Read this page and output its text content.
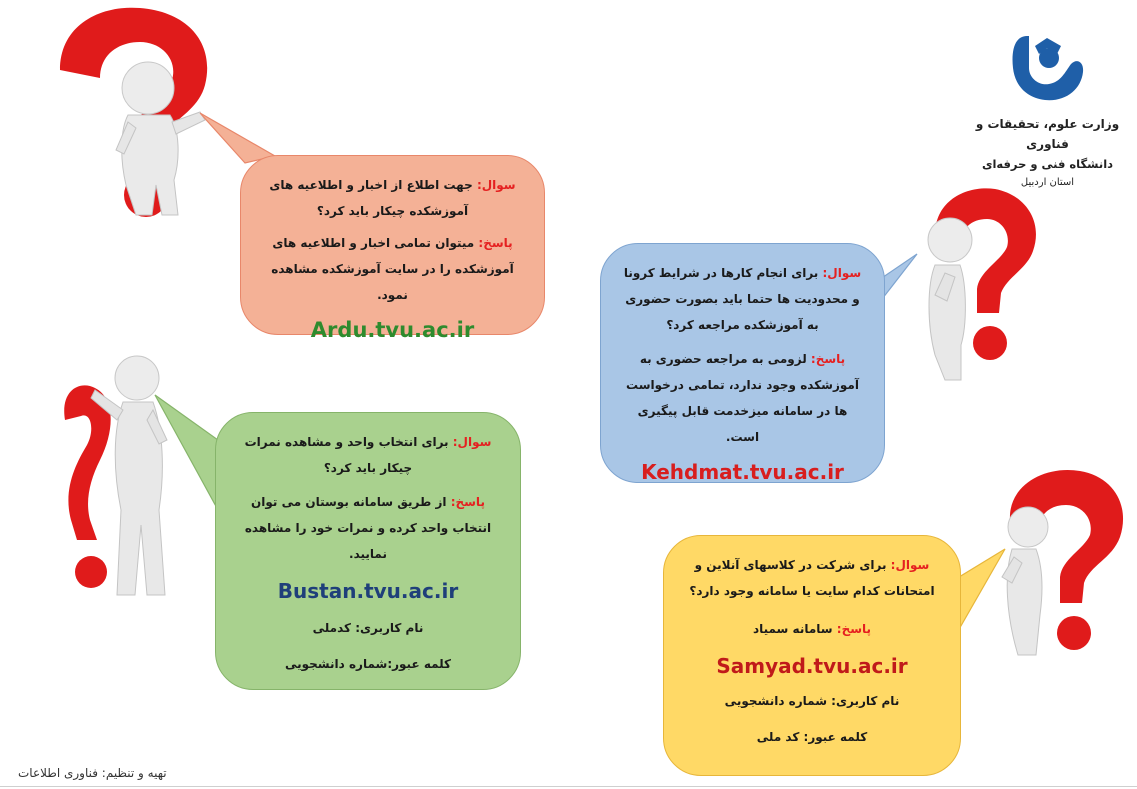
سوال: جهت اطلاع از اخبار و اطلاعیه های آموزشکده چیکار باید کرد؟

پاسخ: میتوان تمامی اخبار و اطلاعیه های آموزشکده را در سایت آموزشکده مشاهده نمود.

Ardu.tvu.ac.ir
وزارت علوم، تحقیقات و فناوری
دانشگاه فنی و حرفه‌ای
استان اردبیل

سوال: برای انجام کارها در شرایط کرونا و محدودیت ها حتما باید بصورت حضوری به آموزشکده مراجعه کرد؟

پاسخ: لزومی به مراجعه حضوری به آموزشکده وجود ندارد، تمامی درخواست ها در سامانه میزخدمت قابل پیگیری است.

Kehdmat.tvu.ac.ir

سوال: برای انتخاب واحد و مشاهده نمرات چیکار باید کرد؟

پاسخ: از طریق سامانه بوستان می توان انتخاب واحد کرده و نمرات خود را مشاهده نمایید.

Bustan.tvu.ac.ir

نام کاربری: کدملی

کلمه عبور:شماره دانشجویی

سوال: برای شرکت در کلاسهای آنلاین و امتحانات کدام سایت یا سامانه وجود دارد؟

پاسخ: سامانه سمیاد

Samyad.tvu.ac.ir

نام کاربری: شماره دانشجویی

کلمه عبور: کد ملی

تهیه و تنظیم: فناوری اطلاعات
